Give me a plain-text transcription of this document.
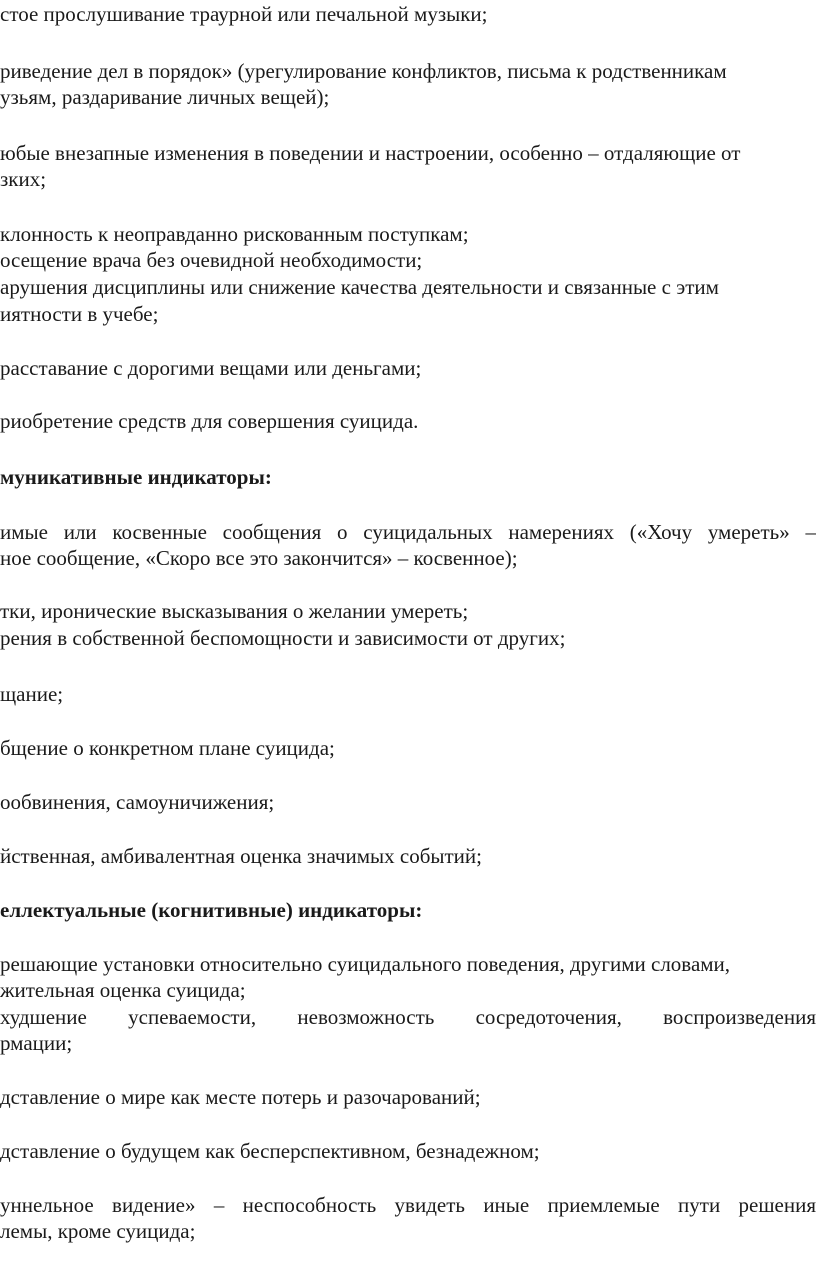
стое прослушивание траурной или печальной музыки;
риведение дел в порядок» (урегулирование конфликтов, письма к родственникам
узьям, раздаривание личных вещей);
юбые внезапные изменения в поведении и настроении, особенно – отдаляющие от
зких;
клонность к неоправданно рискованным поступкам;
осещение врача без очевидной необходимости;
арушения дисциплины или снижение качества деятельности и связанные с этим
иятности в учебе;
расставание с дорогими вещами или деньгами;
риобретение средств для совершения суицида.
муникативные индикаторы:
имые или косвенные сообщения о суицидальных намерениях («Хочу умереть» –
ное сообщение, «Скоро все это закончится» – косвенное);
тки, иронические высказывания о желании умереть;
рения в собственной беспомощности и зависимости от других;
щание;
бщение о конкретном плане суицида;
ообвинения, самоуничижения;
йственная, амбивалентная оценка значимых событий;
еллектуальные (когнитивные) индикаторы:
решающие установки относительно суицидального поведения, другими словами,
жительная оценка суицида;
худшение успеваемости, невозможность сосредоточения, воспроизведения
рмации;
дставление о мире как месте потерь и разочарований;
дставление о будущем как бесперспективном, безнадежном;
уннельное видение» – неспособность увидеть иные приемлемые пути решения
лемы, кроме суицида;
